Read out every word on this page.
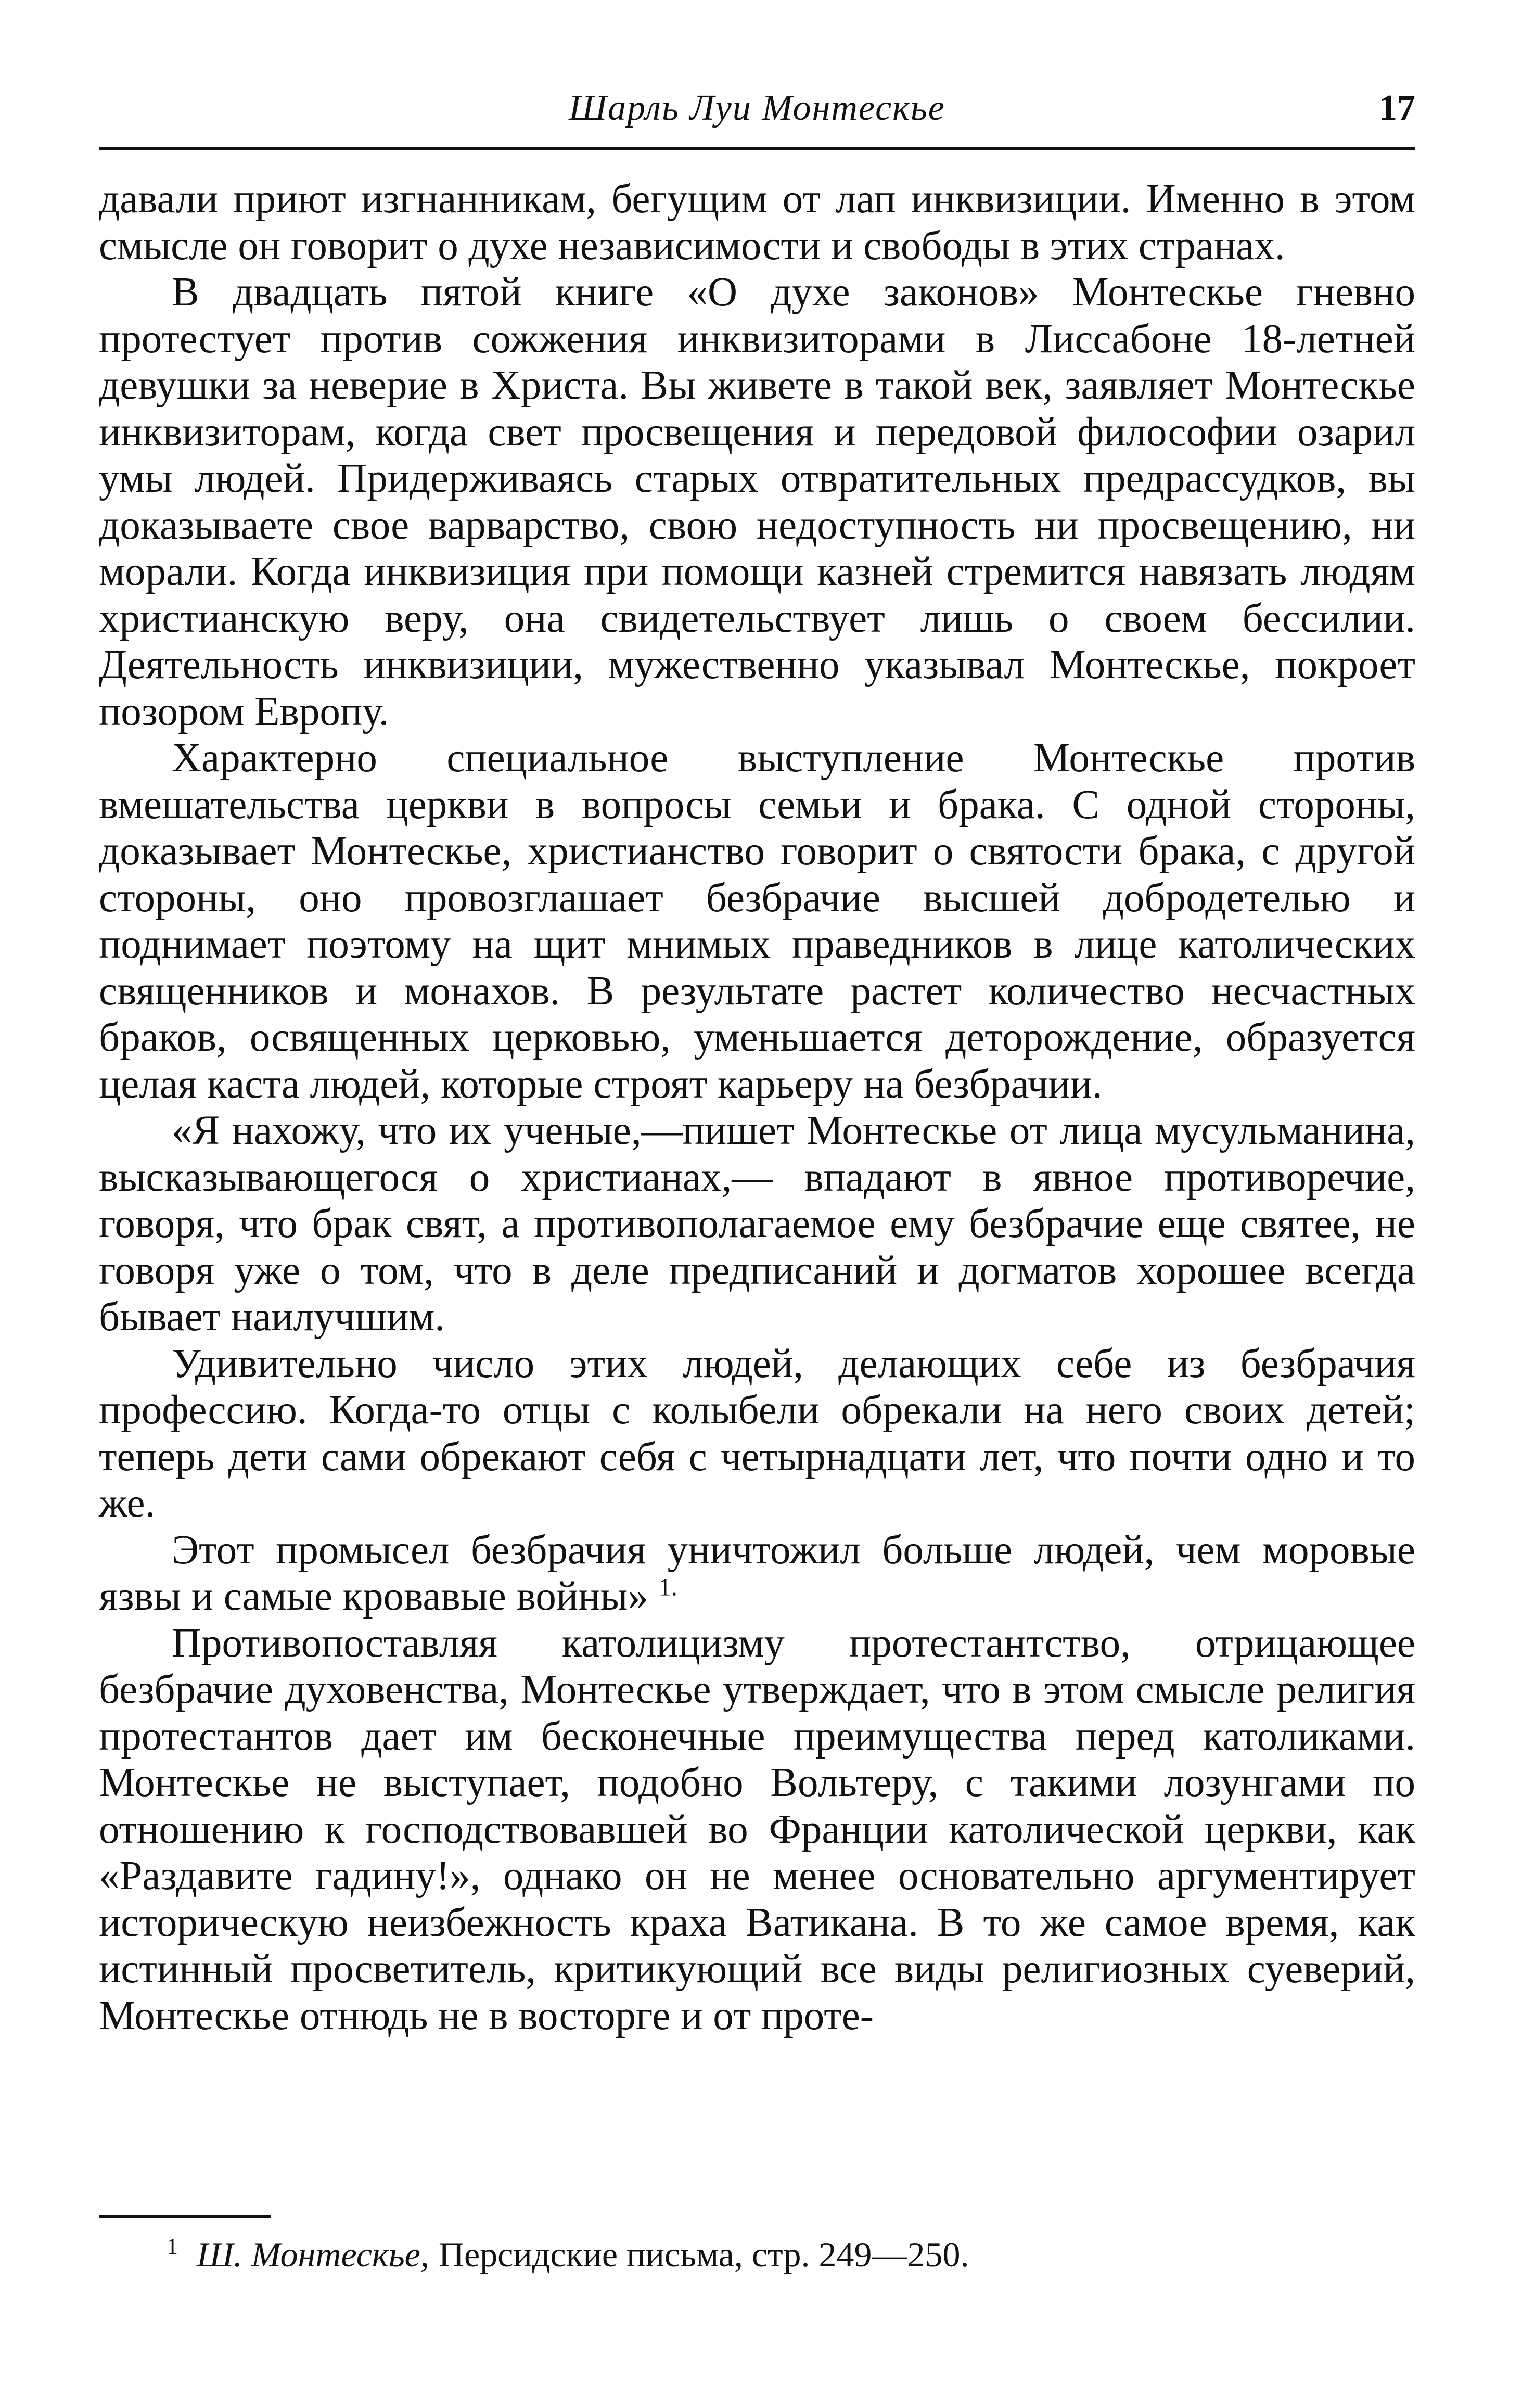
Шарль Луи Монтескье	17

давали приют изгнанникам, бегущим от лап инквизиции. Именно в этом смысле он говорит о духе независимости и свободы в этих странах.

В двадцать пятой книге «О духе законов» Монтескье гневно протестует против сожжения инквизиторами в Лиссабоне 18-летней девушки за неверие в Христа. Вы живете в такой век, заявляет Монтескье инквизиторам, когда свет просвещения и передовой философии озарил умы людей. Придерживаясь старых отвратительных предрассудков, вы доказываете свое варварство, свою недоступность ни просвещению, ни морали. Когда инквизиция при помощи казней стремится навязать людям христианскую веру, она свидетельствует лишь о своем бессилии. Деятельность инквизиции, мужественно указывал Монтескье, покроет позором Европу.

Характерно специальное выступление Монтескье против вмешательства церкви в вопросы семьи и брака. С одной стороны, доказывает Монтескье, христианство говорит о святости брака, с другой стороны, оно провозглашает безбрачие высшей добродетелью и поднимает поэтому на щит мнимых праведников в лице католических священников и монахов. В результате растет количество несчастных браков, освященных церковью, уменьшается деторождение, образуется целая каста людей, которые строят карьеру на безбрачии.

«Я нахожу, что их ученые,—пишет Монтескье от лица мусульманина, высказывающегося о христианах,— впадают в явное противоречие, говоря, что брак свят, а противополагаемое ему безбрачие еще святее, не говоря уже о том, что в деле предписаний и догматов хорошее всегда бывает наилучшим.

Удивительно число этих людей, делающих себе из безбрачия профессию. Когда-то отцы с колыбели обрекали на него своих детей; теперь дети сами обрекают себя с четырнадцати лет, что почти одно и то же.

Этот промысел безбрачия уничтожил больше людей, чем моровые язвы и самые кровавые войны» $^{1.}$

Противопоставляя католицизму протестантство, отрицающее безбрачие духовенства, Монтескье утверждает, что в этом смысле религия протестантов дает им бесконечные преимущества перед католиками. Монтескье не выступает, подобно Вольтеру, с такими лозунгами по отношению к господствовавшей во Франции католической церкви, как «Раздавите гадину!», однако он не менее основательно аргументирует историческую неизбежность краха Ватикана. В то же самое время, как истинный просветитель, критикующий все виды религиозных суеверий, Монтескье отнюдь не в восторге и от проте-

$^1$ Ш. Монтескье, Персидские письма, стр. 249—250.
